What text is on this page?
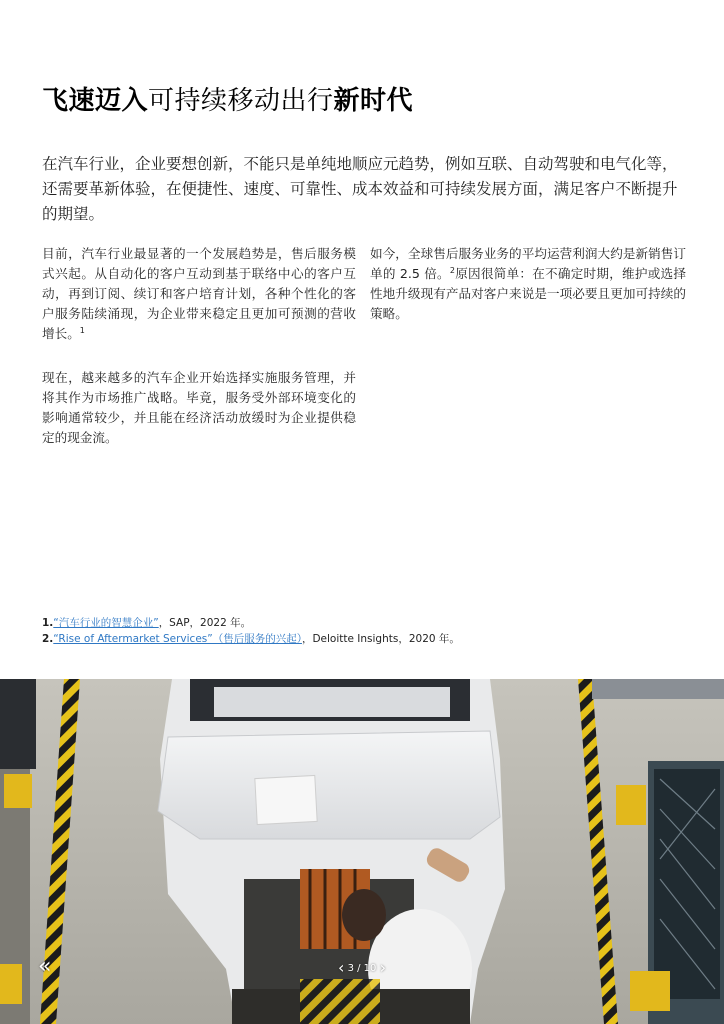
飞速迈入可持续移动出行新时代

在汽车行业，企业要想创新，不能只是单纯地顺应元趋势，例如互联、自动驾驶和电气化等，还需要革新体验，在便捷性、速度、可靠性、成本效益和可持续发展方面，满足客户不断提升的期望。

目前，汽车行业最显著的一个发展趋势是，售后服务模式兴起。从自动化的客户互动到基于联络中心的客户互动，再到订阅、续订和客户培育计划，各种个性化的客户服务陆续涌现，为企业带来稳定且更加可预测的营收增长。$^1$

现在，越来越多的汽车企业开始选择实施服务管理，并将其作为市场推广战略。毕竟，服务受外部环境变化的影响通常较少，并且能在经济活动放缓时为企业提供稳定的现金流。

如今，全球售后服务业务的平均运营利润大约是新销售订单的 2.5 倍。$^2$原因很简单：在不确定时期，维护或选择性地升级现有产品对客户来说是一项必要且更加可持续的策略。

1.“汽车行业的智慧企业”，SAP，2022 年。
2.“Rise of Aftermarket Services”（售后服务的兴起），Deloitte Insights，2020 年。
«	‹ 3 / 10 ›
